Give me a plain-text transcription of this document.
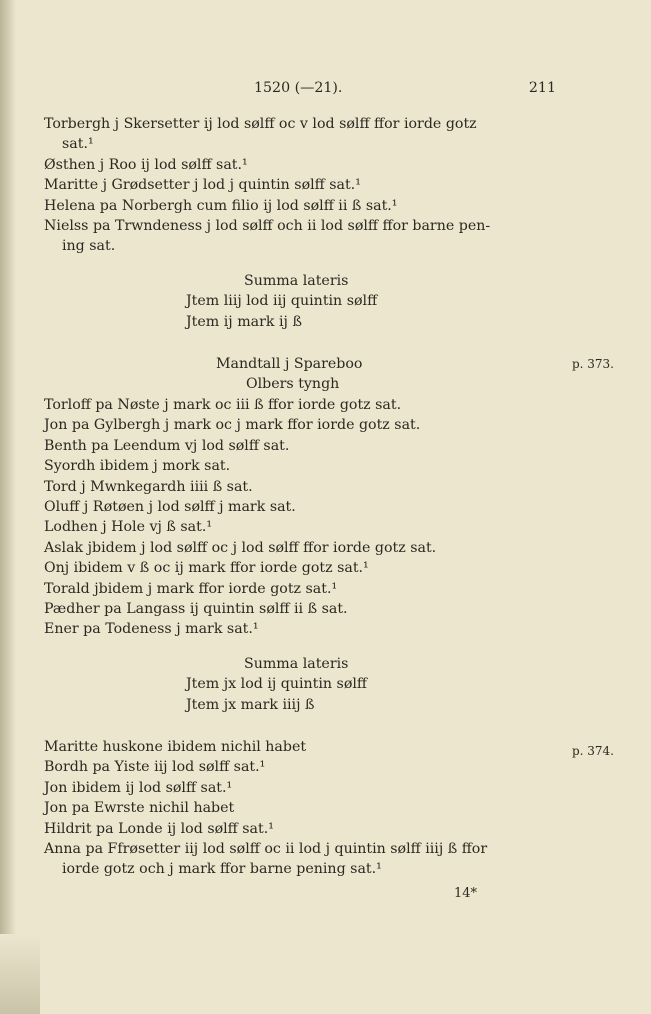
1520 (—21).	211
Torbergh j Skersetter ij lod sølff oc v lod sølff ffor iorde gotz
sat.¹
Østhen j Roo ij lod sølff sat.¹
Maritte j Grødsetter j lod j quintin sølff sat.¹
Helena pa Norbergh cum filio ij lod sølff ii ß sat.¹
Nielss pa Trwndeness j lod sølff och ii lod sølff ffor barne pen-
ing sat.
Summa lateris
Jtem liij lod iij quintin sølff
Jtem ij mark ij ß
Mandtall j Spareboo	p. 373.
Olbers tyngh
Torloff pa Nøste j mark oc iii ß ffor iorde gotz sat.
Jon pa Gylbergh j mark oc j mark ffor iorde gotz sat.
Benth pa Leendum vj lod sølff sat.
Syordh ibidem j mork sat.
Tord j Mwnkegardh iiii ß sat.
Oluff j Røtøen j lod sølff j mark sat.
Lodhen j Hole vj ß sat.¹
Aslak jbidem j lod sølff oc j lod sølff ffor iorde gotz sat.
Onj ibidem v ß oc ij mark ffor iorde gotz sat.¹
Torald jbidem j mark ffor iorde gotz sat.¹
Pædher pa Langass ij quintin sølff ii ß sat.
Ener pa Todeness j mark sat.¹
Summa lateris
Jtem jx lod ij quintin sølff
Jtem jx mark iiij ß
p. 374.
Maritte huskone ibidem nichil habet
Bordh pa Yiste iij lod sølff sat.¹
Jon ibidem ij lod sølff sat.¹
Jon pa Ewrste nichil habet
Hildrit pa Londe ij lod sølff sat.¹
Anna pa Ffrøsetter iij lod sølff oc ii lod j quintin sølff iiij ß ffor
iorde gotz och j mark ffor barne pening sat.¹
14*
